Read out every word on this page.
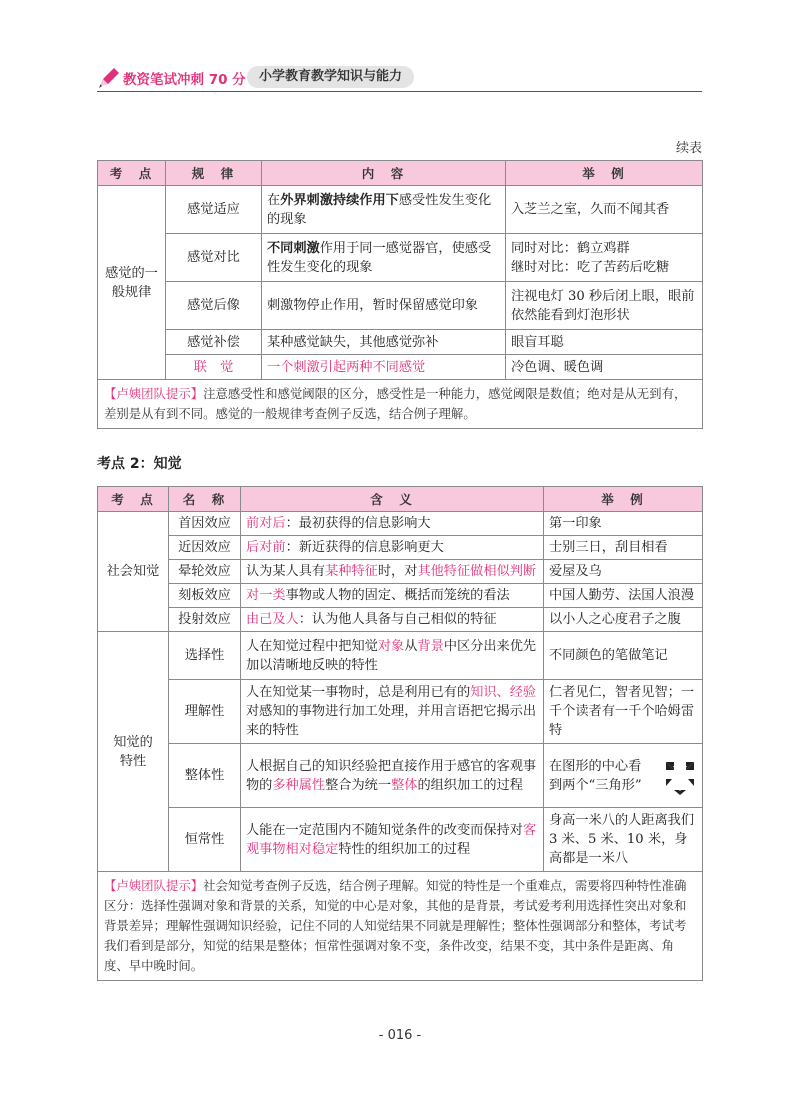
教资笔试冲刺 70 分	小学教育教学知识与能力
续表
考　点	规　律	内　容	举　例
感觉的一般规律	感觉适应	在外界刺激持续作用下感受性发生变化的现象	入芝兰之室，久而不闻其香
	感觉对比	不同刺激作用于同一感觉器官，使感受性发生变化的现象	同时对比：鹤立鸡群
继时对比：吃了苦药后吃糖

	感觉后像	刺激物停止作用，暂时保留感觉印象	注视电灯 30 秒后闭上眼，眼前依然能看到灯泡形状
	感觉补偿	某种感觉缺失，其他感觉弥补	眼盲耳聪
	联　觉	一个刺激引起两种不同感觉	冷色调、暖色调
【卢姨团队提示】注意感受性和感觉阈限的区分，感受性是一种能力，感觉阈限是数值；绝对是从无到有，差别是从有到不同。感觉的一般规律考查例子反选，结合例子理解。			
考点 2：知觉
考　点	名　称	含　义	举　例
社会知觉	首因效应	前对后：最初获得的信息影响大	第一印象
	近因效应	后对前：新近获得的信息影响更大	士别三日，刮目相看
	晕轮效应	认为某人具有某种特征时，对其他特征做相似判断	爱屋及乌
	刻板效应	对一类事物或人物的固定、概括而笼统的看法	中国人勤劳、法国人浪漫
	投射效应	由己及人：认为他人具备与自己相似的特征	以小人之心度君子之腹
知觉的特性	选择性	人在知觉过程中把知觉对象从背景中区分出来优先加以清晰地反映的特性	不同颜色的笔做笔记
	理解性	人在知觉某一事物时，总是利用已有的知识、经验对感知的事物进行加工处理，并用言语把它揭示出来的特性	仁者见仁，智者见智；一千个读者有一千个哈姆雷特
	整体性	人根据自己的知识经验把直接作用于感官的客观事物的多种属性整合为统一整体的组织加工的过程	在图形的中心看
到两个“三角形”

	恒常性	人能在一定范围内不随知觉条件的改变而保持对客观事物相对稳定特性的组织加工的过程	身高一米八的人距离我们 3 米、5 米、10 米，身高都是一米八
【卢姨团队提示】社会知觉考查例子反选，结合例子理解。知觉的特性是一个重难点，需要将四种特性准确区分：选择性强调对象和背景的关系，知觉的中心是对象，其他的是背景，考试爱考利用选择性突出对象和背景差异；理解性强调知识经验，记住不同的人知觉结果不同就是理解性；整体性强调部分和整体，考试考我们看到是部分，知觉的结果是整体；恒常性强调对象不变，条件改变，结果不变，其中条件是距离、角度、早中晚时间。			
- 016 -
